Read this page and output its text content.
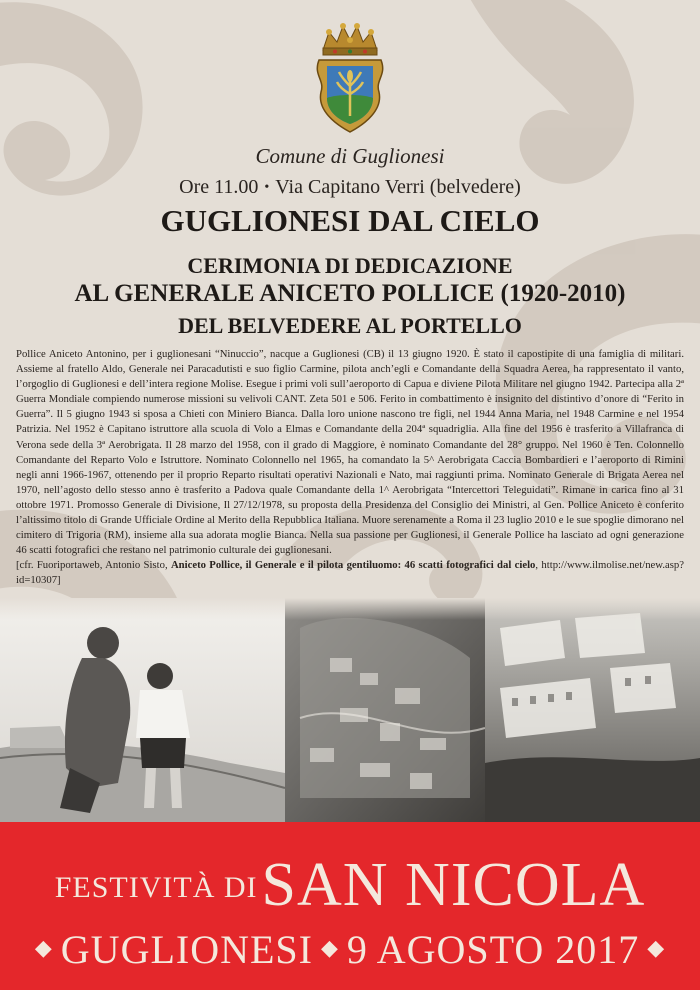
Comune di Guglionesi
Ore 11.00 • Via Capitano Verri (belvedere)
GUGLIONESI DAL CIELO
CERIMONIA DI DEDICAZIONE
AL GENERALE ANICETO POLLICE (1920-2010)
DEL BELVEDERE AL PORTELLO

Pollice Aniceto Antonino, per i guglionesani “Ninuccio”, nacque a Guglionesi (CB) il 13 giugno 1920. È stato il capostipite di una famiglia di militari. Assieme al fratello Aldo, Generale nei Paracadutisti e suo figlio Carmine, pilota anch’egli e Comandante della Squadra Aerea, ha rappresentato il vanto, l’orgoglio di Guglionesi e dell’intera regione Molise. Esegue i primi voli sull’aeroporto di Capua e diviene Pilota Militare nel giugno 1942. Partecipa alla 2ª Guerra Mondiale compiendo numerose missioni su velivoli CANT. Zeta 501 e 506. Ferito in combattimento è insignito del distintivo d’onore di “Ferito in Guerra”. Il 5 giugno 1943 si sposa a Chieti con Miniero Bianca. Dalla loro unione nascono tre figli, nel 1944 Anna Maria, nel 1948 Carmine e nel 1954 Patrizia. Nel 1952 è Capitano istruttore alla scuola di Volo a Elmas e Comandante della 204ª squadriglia. Alla fine del 1956 è trasferito a Villafranca di Verona sede della 3ª Aerobrigata. Il 28 marzo del 1958, con il grado di Maggiore, è nominato Comandante del 28° gruppo. Nel 1960 è Ten. Colonnello Comandante del Reparto Volo e Istruttore. Nominato Colonnello nel 1965, ha comandato la 5^ Aerobrigata Caccia Bombardieri e l’aeroporto di Rimini negli anni 1966-1967, ottenendo per il proprio Reparto risultati operativi Nazionali e Nato, mai raggiunti prima. Nominato Generale di Brigata Aerea nel 1970, nell’agosto dello stesso anno è trasferito a Padova quale Comandante della 1^ Aerobrigata “Intercettori Teleguidati”. Rimane in carica fino al 31 ottobre 1971. Promosso Generale di Divisione, Il 27/12/1978, su proposta della Presidenza del Consiglio dei Ministri, al Gen. Pollice Aniceto è conferito l’altissimo titolo di Grande Ufficiale Ordine al Merito della Repubblica Italiana. Muore serenamente a Roma il 23 luglio 2010 e le sue spoglie dimorano nel cimitero di Trigoria (RM), insieme alla sua adorata moglie Bianca. Nella sua passione per Guglionesi, il Generale Pollice ha lasciato ad ogni generazione 46 scatti fotografici che restano nel patrimonio culturale dei guglionesani.

[cfr. Fuoriportaweb, Antonio Sisto, Aniceto Pollice, il Generale e il pilota gentiluomo: 46 scatti fotografici dal cielo, http://www.ilmolise.net/new.asp?id=10307]

FESTIVITÀ DI SAN NICOLA
◆ GUGLIONESI ◆ 9 AGOSTO 2017 ◆
